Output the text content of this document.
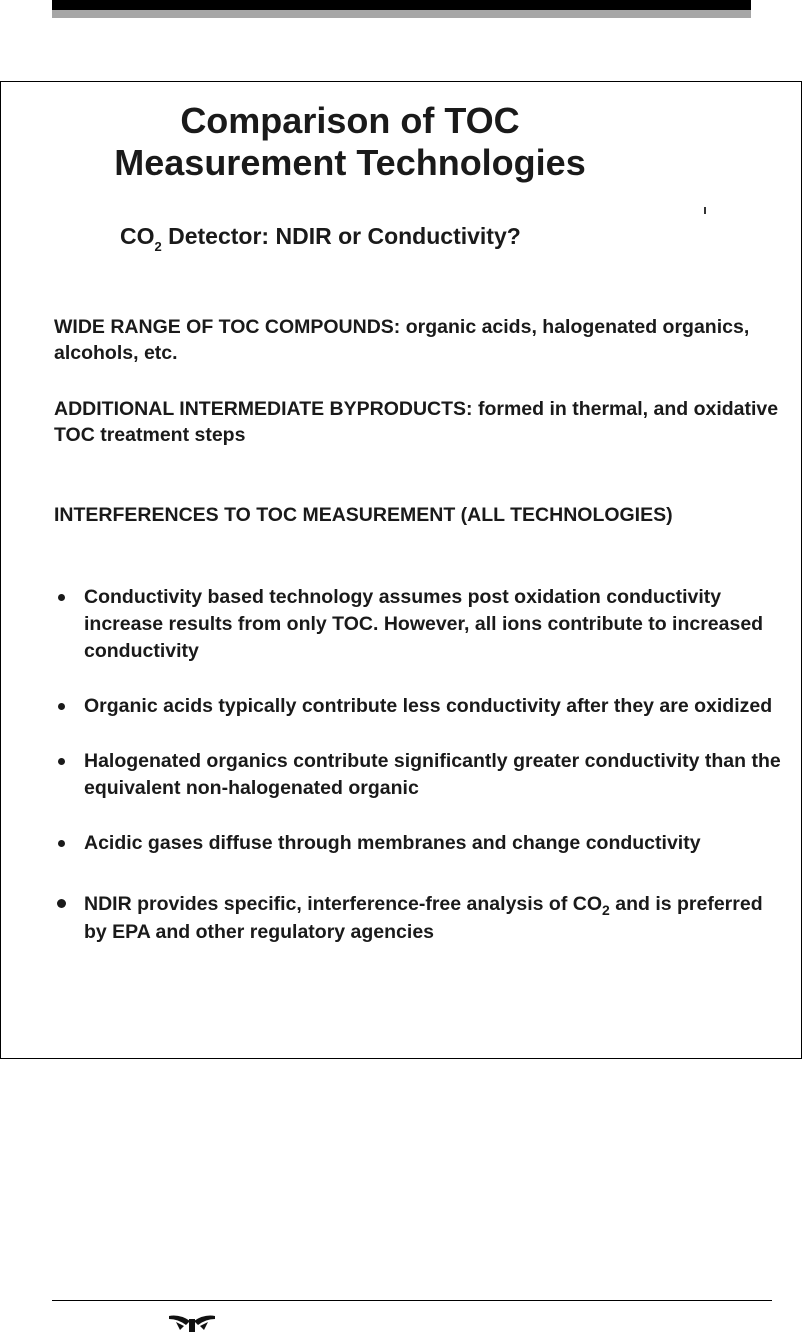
Comparison of TOC
Measurement Technologies

$CO_2$ Detector: NDIR or Conductivity?

WIDE RANGE OF TOC COMPOUNDS: organic acids, halogenated organics, alcohols, etc.

ADDITIONAL INTERMEDIATE BYPRODUCTS: formed in thermal, and oxidative TOC treatment steps

INTERFERENCES TO TOC MEASUREMENT (ALL TECHNOLOGIES)

Conductivity based technology assumes post oxidation conductivity increase results from only TOC. However, all ions contribute to increased conductivity
Organic acids typically contribute less conductivity after they are oxidized
Halogenated organics contribute significantly greater conductivity than the equivalent non-halogenated organic
Acidic gases diffuse through membranes and change conductivity
NDIR provides specific, interference-free analysis of $CO_2$ and is preferred by EPA and other regulatory agencies
